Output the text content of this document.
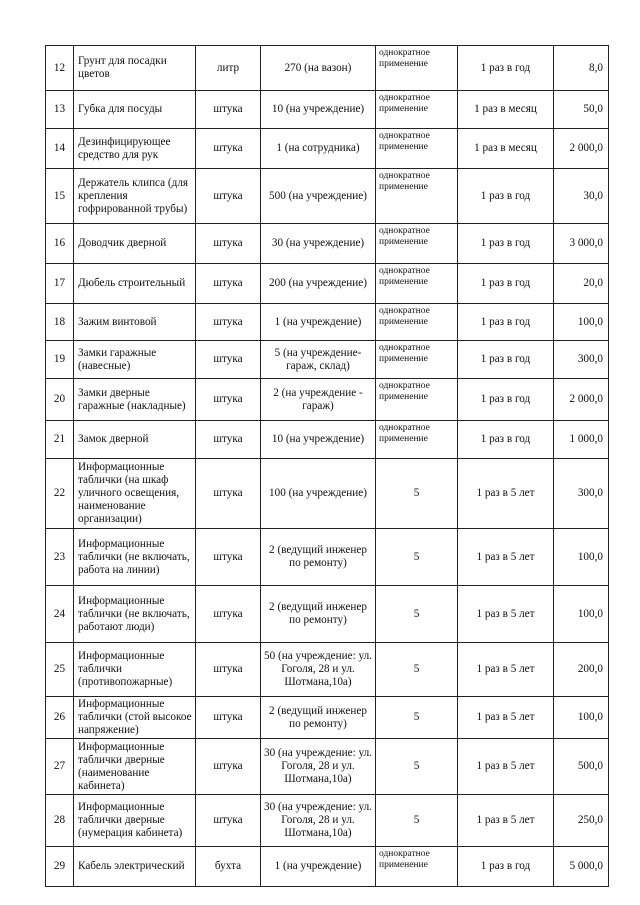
12	Грунт для посадки цветов	литр	270 (на вазон)	однократное применение	1 раз в год	8,0
13	Губка для посуды	штука	10 (на учреждение)	однократное применение	1 раз в месяц	50,0
14	Дезинфицирующее средство для рук	штука	1 (на сотрудника)	однократное применение	1 раз в месяц	2 000,0
15	Держатель клипса (для крепления гофрированной трубы)	штука	500 (на учреждение)	однократное применение	1 раз в год	30,0
16	Доводчик дверной	штука	30 (на учреждение)	однократное применение	1 раз в год	3 000,0
17	Дюбель строительный	штука	200 (на учреждение)	однократное применение	1 раз в год	20,0
18	Зажим винтовой	штука	1 (на учреждение)	однократное применение	1 раз в год	100,0
19	Замки гаражные (навесные)	штука	5 (на учреждение-гараж, склад)	однократное применение	1 раз в год	300,0
20	Замки дверные гаражные (накладные)	штука	2 (на учреждение - гараж)	однократное применение	1 раз в год	2 000,0
21	Замок дверной	штука	10 (на учреждение)	однократное применение	1 раз в год	1 000,0
22	Информационные таблички (на шкаф уличного освещения, наименование организации)	штука	100 (на учреждение)	5	1 раз в 5 лет	300,0
23	Информационные таблички (не включать, работа на линии)	штука	2 (ведущий инженер по ремонту)	5	1 раз в 5 лет	100,0
24	Информационные таблички (не включать, работают люди)	штука	2 (ведущий инженер по ремонту)	5	1 раз в 5 лет	100,0
25	Информационные таблички (противопожарные)	штука	50 (на учреждение: ул. Гоголя, 28 и ул. Шотмана,10а)	5	1 раз в 5 лет	200,0
26	Информационные таблички (стой высокое напряжение)	штука	2 (ведущий инженер по ремонту)	5	1 раз в 5 лет	100,0
27	Информационные таблички дверные (наименование кабинета)	штука	30 (на учреждение: ул. Гоголя, 28 и ул. Шотмана,10а)	5	1 раз в 5 лет	500,0
28	Информационные таблички дверные (нумерация кабинета)	штука	30 (на учреждение: ул. Гоголя, 28 и ул. Шотмана,10а)	5	1 раз в 5 лет	250,0
29	Кабель электрический	бухта	1 (на учреждение)	однократное применение	1 раз в год	5 000,0
